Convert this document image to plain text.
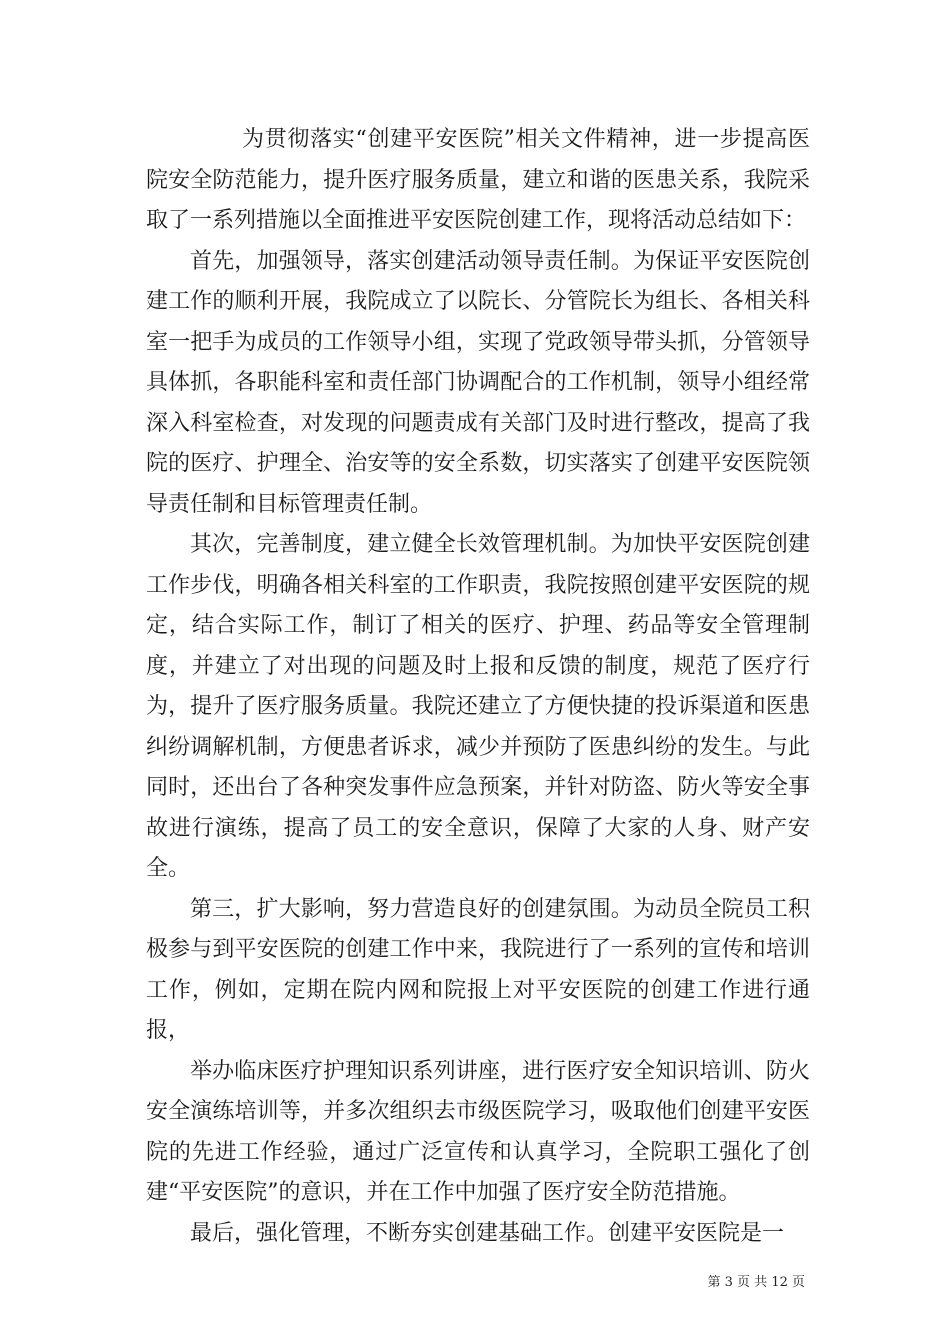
为贯彻落实“创建平安医院”相关文件精神，进一步提高医院安全防范能力，提升医疗服务质量，建立和谐的医患关系，我院采取了一系列措施以全面推进平安医院创建工作，现将活动总结如下：

首先，加强领导，落实创建活动领导责任制。为保证平安医院创建工作的顺利开展，我院成立了以院长、分管院长为组长、各相关科室一把手为成员的工作领导小组，实现了党政领导带头抓，分管领导具体抓，各职能科室和责任部门协调配合的工作机制，领导小组经常深入科室检查，对发现的问题责成有关部门及时进行整改，提高了我院的医疗、护理全、治安等的安全系数，切实落实了创建平安医院领导责任制和目标管理责任制。

其次，完善制度，建立健全长效管理机制。为加快平安医院创建工作步伐，明确各相关科室的工作职责，我院按照创建平安医院的规定，结合实际工作，制订了相关的医疗、护理、药品等安全管理制度，并建立了对出现的问题及时上报和反馈的制度，规范了医疗行为，提升了医疗服务质量。我院还建立了方便快捷的投诉渠道和医患纠纷调解机制，方便患者诉求，减少并预防了医患纠纷的发生。与此同时，还出台了各种突发事件应急预案，并针对防盗、防火等安全事故进行演练，提高了员工的安全意识，保障了大家的人身、财产安全。

第三，扩大影响，努力营造良好的创建氛围。为动员全院员工积极参与到平安医院的创建工作中来，我院进行了一系列的宣传和培训工作，例如，定期在院内网和院报上对平安医院的创建工作进行通报，

举办临床医疗护理知识系列讲座，进行医疗安全知识培训、防火安全演练培训等，并多次组织去市级医院学习，吸取他们创建平安医院的先进工作经验，通过广泛宣传和认真学习，全院职工强化了创建“平安医院”的意识，并在工作中加强了医疗安全防范措施。

最后，强化管理，不断夯实创建基础工作。创建平安医院是一

第 3 页 共 12 页
